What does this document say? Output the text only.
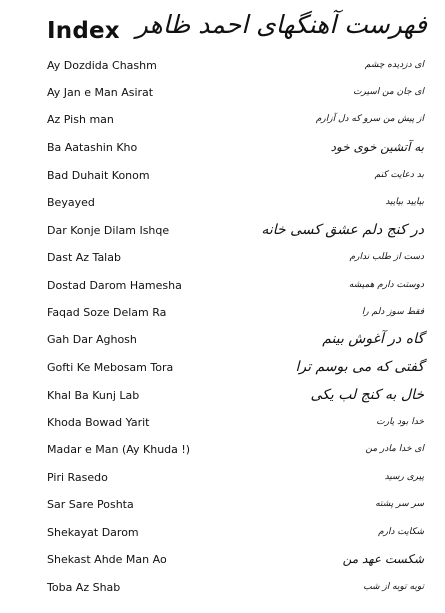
Index فهرست آهنگهای احمد ظاهر
Ay Dozdida Chashm	ای دزدیده چشم
Ay Jan e Man Asirat	ای جان من اسیرت
Az Pish man	از پیش من سرو که دل آزارم
Ba Aatashin Kho	به آتشین خوی خود
Bad Duhait Konom	بد دعایت کنم
Beyayed	بیایید بیایید
Dar Konje Dilam Ishqe	در کنج دلم عشق کسی خانه
Dast Az Talab	دست از طلب ندارم
Dostad Darom Hamesha	دوستت دارم همیشه
Faqad Soze Delam Ra	فقط سوز دلم را
Gah Dar Aghosh	گاه در آغوش بینم
Gofti Ke Mebosam Tora	گفتی که می بوسم ترا
Khal Ba Kunj Lab	خال به کنج لب یکی
Khoda Bowad Yarit	خدا بود یارت
Madar e Man (Ay Khuda !)	ای خدا مادر من
Piri Rasedo	پیری رسید
Sar Sare Poshta	سر سر پشته
Shekayat Darom	شکایت دارم
Shekast Ahde Man Ao	شکست عهد من
Toba Az Shab	توبه توبه از شب
